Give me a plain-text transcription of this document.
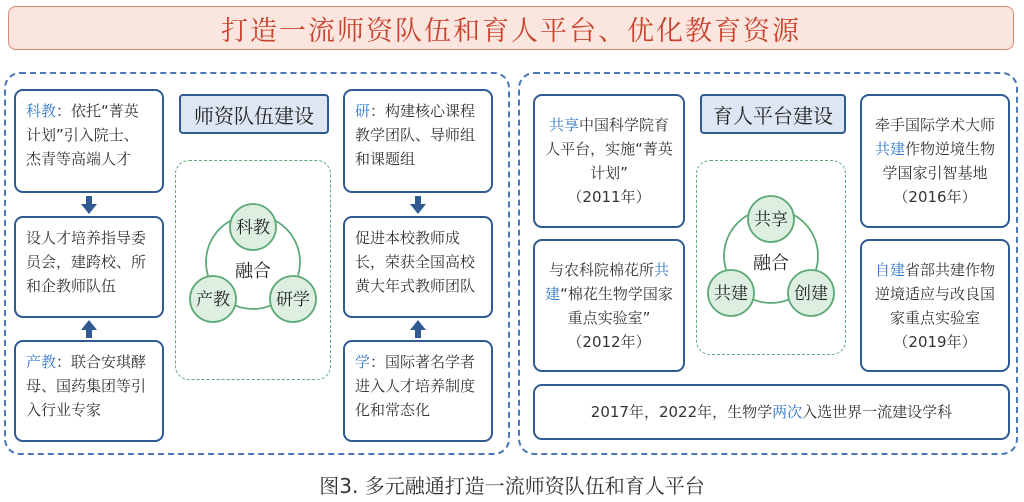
打造一流师资队伍和育人平台、优化教育资源
科教：依托“菁英计划”引入院士、杰青等高端人才
设人才培养指导委员会，建跨校、所和企教师队伍
产教：联合安琪酵母、国药集团等引入行业专家
师资队伍建设
科教
产教	研学
融合
研：构建核心课程教学团队、导师组和课题组
促进本校教师成长，荣获全国高校黄大年式教师团队
学：国际著名学者进入人才培养制度化和常态化
共享中国科学院育人平台，实施“菁英计划”
（2011年）
与农科院棉花所共建“棉花生物学国家重点实验室”
（2012年）
育人平台建设
共享
共建	创建
融合
牵手国际学术大师共建作物逆境生物学国家引智基地
（2016年）
自建省部共建作物逆境适应与改良国家重点实验室
（2019年）
2017年，2022年，生物学 两次 入选世界一流建设学科
图3. 多元融通打造一流师资队伍和育人平台
